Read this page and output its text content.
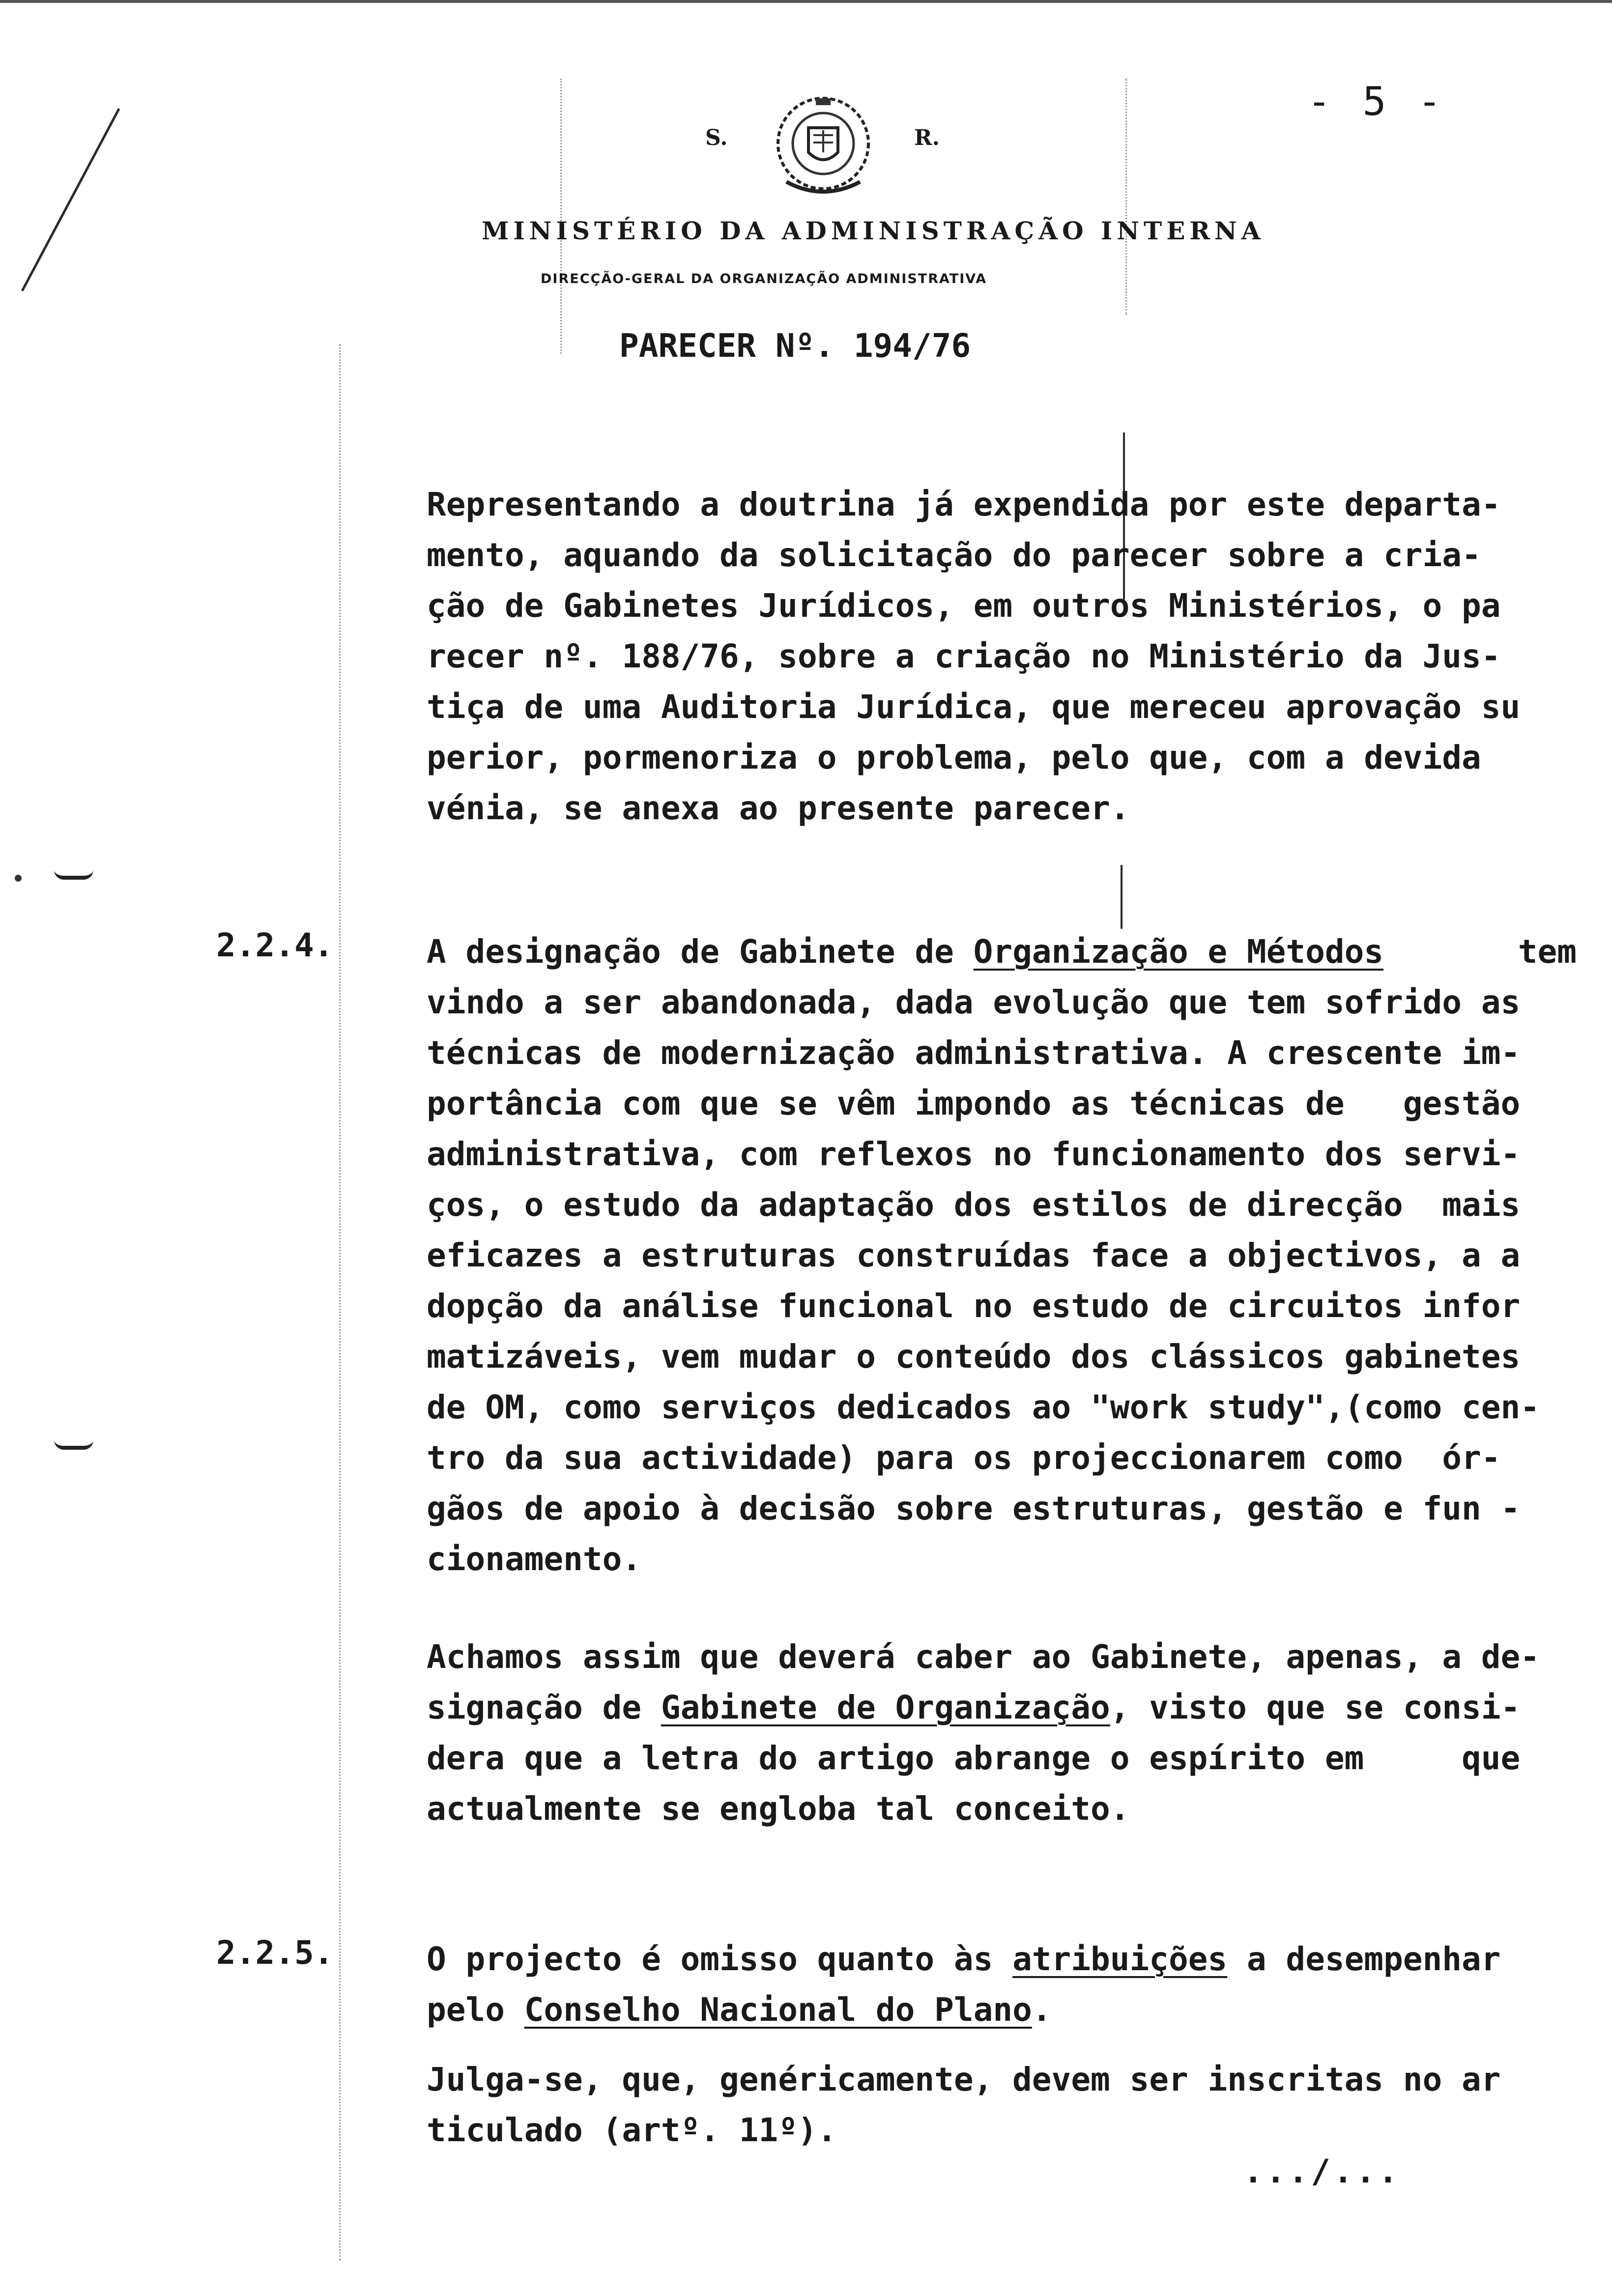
- 5 -
S.	R.
MINISTÉRIO DA ADMINISTRAÇÃO INTERNA
DIRECÇÃO-GERAL DA ORGANIZAÇÃO ADMINISTRATIVA
PARECER Nº. 194/76
Representando a doutrina já expendida por este departa-
mento, aquando da solicitação do parecer sobre a cria-
ção de Gabinetes Jurídicos, em outros Ministérios, o pa
recer nº. 188/76, sobre a criação no Ministério da Jus-
tiça de uma Auditoria Jurídica, que mereceu aprovação su
perior, pormenoriza o problema, pelo que, com a devida
vénia, se anexa ao presente parecer.
2.2.4.	A designação de Gabinete de Organização e Métodos	tem
vindo a ser abandonada, dada evolução que tem sofrido as
técnicas de modernização administrativa. A crescente im-
portância com que se vêm impondo as técnicas de   gestão
administrativa, com reflexos no funcionamento dos servi-
ços, o estudo da adaptação dos estilos de direcção  mais
eficazes a estruturas construídas face a objectivos, a a
dopção da análise funcional no estudo de circuitos infor
matizáveis, vem mudar o conteúdo dos clássicos gabinetes
de OM, como serviços dedicados ao "work study",(como cen-
tro da sua actividade) para os projeccionarem como  ór-
gãos de apoio à decisão sobre estruturas, gestão e fun -
cionamento.
Achamos assim que deverá caber ao Gabinete, apenas, a de-
signação de Gabinete de Organização, visto que se consi-
dera que a letra do artigo abrange o espírito em     que
actualmente se engloba tal conceito.
2.2.5.	O projecto é omisso quanto às atribuições a desempenhar
pelo Conselho Nacional do Plano.
Julga-se, que, genéricamente, devem ser inscritas no ar
ticulado (artº. 11º).
.../...
